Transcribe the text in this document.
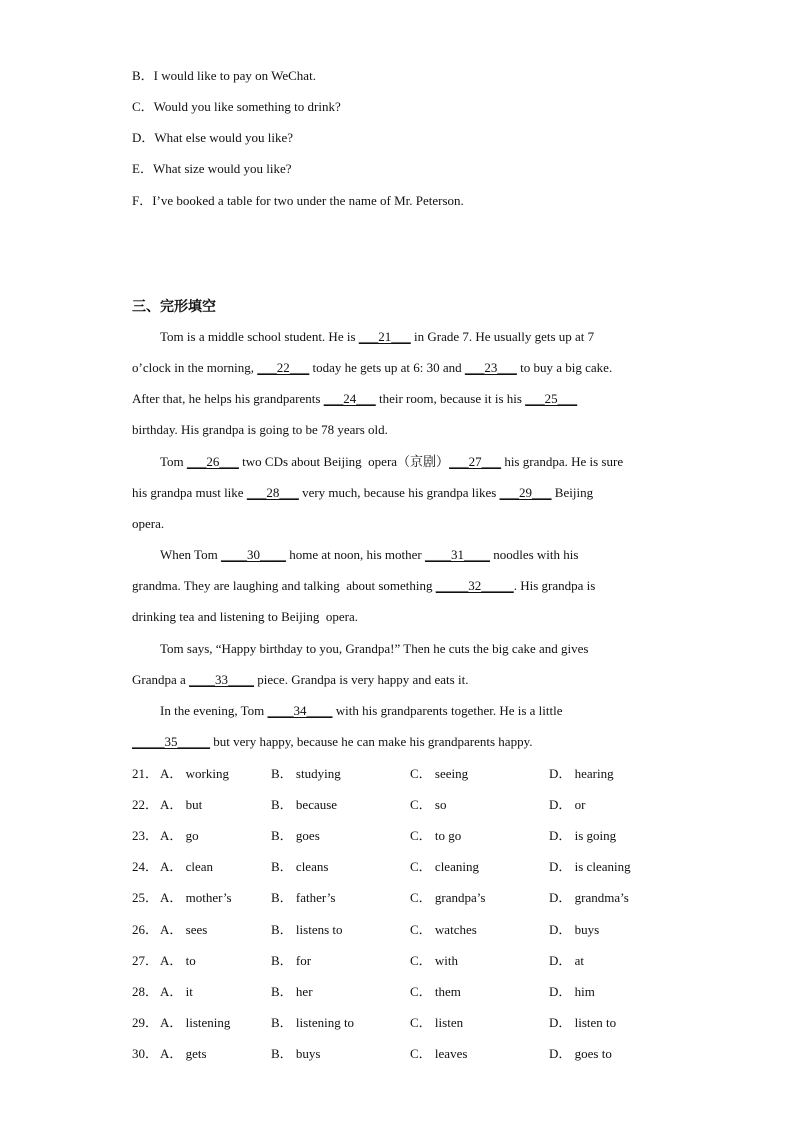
B．I would like to pay on WeChat.
C．Would you like something to drink?
D．What else would you like?
E．What size would you like?
F．I’ve booked a table for two under the name of Mr. Peterson.
三、完形填空
Tom is a middle school student. He is ___21___ in Grade 7. He usually gets up at 7
o’clock in the morning, ___22___ today he gets up at 6: 30 and ___23___ to buy a big cake.
After that, he helps his grandparents ___24___ their room, because it is his ___25___
birthday. His grandpa is going to be 78 years old.
Tom ___26___ two CDs about Beijing  opera（京剧）___27___ his grandpa. He is sure
his grandpa must like ___28___ very much, because his grandpa likes ___29___ Beijing
opera.
When Tom ____30____ home at noon, his mother ____31____ noodles with his
grandma. They are laughing and talking  about something _____32_____. His grandpa is
drinking tea and listening to Beijing  opera.
Tom says, “Happy birthday to you, Grandpa!” Then he cuts the big cake and gives
Grandpa a ____33____ piece. Grandpa is very happy and eats it.
In the evening, Tom ____34____ with his grandparents together. He is a little
_____35_____ but very happy, because he can make his grandparents happy.
21． A． working	B． studying	C． seeing	D． hearing
22． A． but	B． because	C． so	D． or
23． A． go	B． goes	C． to go	D． is going
24． A． clean	B． cleans	C． cleaning	D． is cleaning
25． A． mother’s	B． father’s	C． grandpa’s	D． grandma’s
26． A． sees	B． listens to	C． watches	D． buys
27． A． to	B． for	C． with	D． at
28． A． it	B． her	C． them	D． him
29． A． listening	B． listening to	C． listen	D． listen to
30． A． gets	B． buys	C． leaves	D． goes to
